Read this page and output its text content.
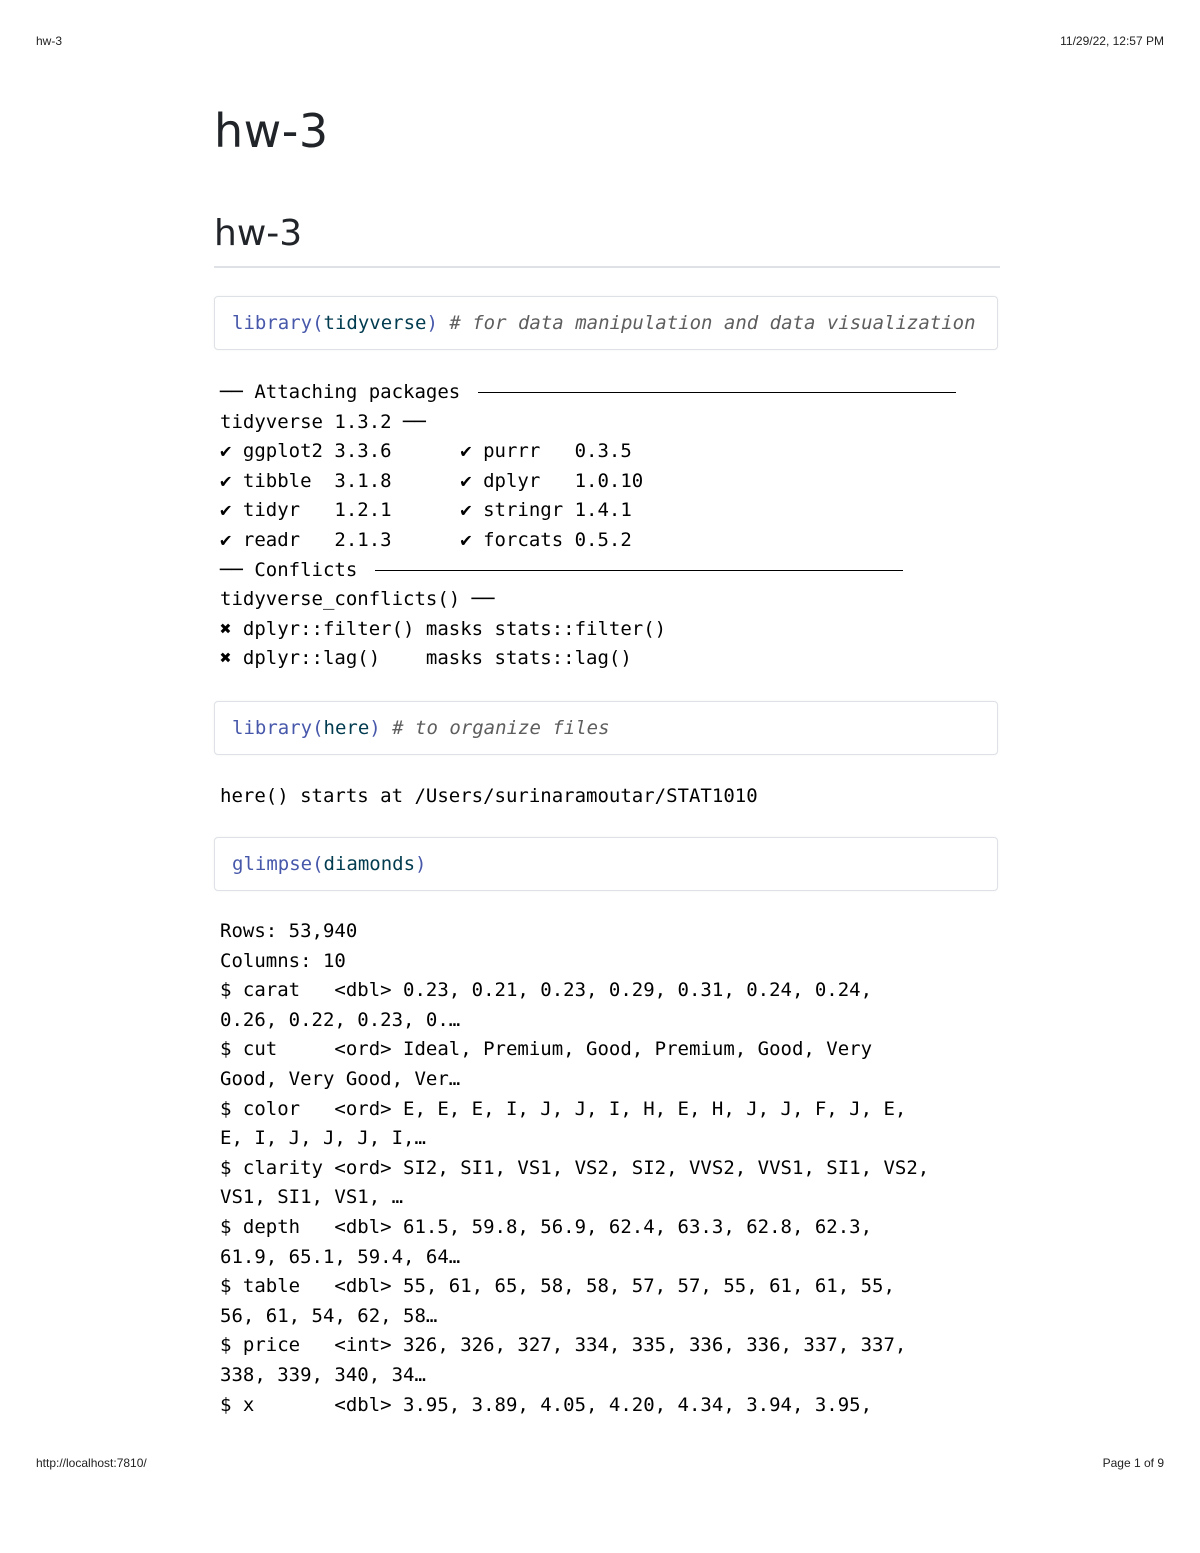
hw-3	11/29/22, 12:57 PM
hw-3
hw-3
library(tidyverse) # for data manipulation and data visualization
── Attaching packages
tidyverse 1.3.2 ──
✔ ggplot2 3.3.6      ✔ purrr   0.3.5
✔ tibble  3.1.8      ✔ dplyr   1.0.10
✔ tidyr   1.2.1      ✔ stringr 1.4.1
✔ readr   2.1.3      ✔ forcats 0.5.2
── Conflicts
tidyverse_conflicts() ──
✖ dplyr::filter() masks stats::filter()
✖ dplyr::lag()    masks stats::lag()
library(here) # to organize files
here() starts at /Users/surinaramoutar/STAT1010
glimpse(diamonds)
Rows: 53,940
Columns: 10
$ carat   <dbl> 0.23, 0.21, 0.23, 0.29, 0.31, 0.24, 0.24,
0.26, 0.22, 0.23, 0.…
$ cut     <ord> Ideal, Premium, Good, Premium, Good, Very
Good, Very Good, Ver…
$ color   <ord> E, E, E, I, J, J, I, H, E, H, J, J, F, J, E,
E, I, J, J, J, I,…
$ clarity <ord> SI2, SI1, VS1, VS2, SI2, VVS2, VVS1, SI1, VS2,
VS1, SI1, VS1, …
$ depth   <dbl> 61.5, 59.8, 56.9, 62.4, 63.3, 62.8, 62.3,
61.9, 65.1, 59.4, 64…
$ table   <dbl> 55, 61, 65, 58, 58, 57, 57, 55, 61, 61, 55,
56, 61, 54, 62, 58…
$ price   <int> 326, 326, 327, 334, 335, 336, 336, 337, 337,
338, 339, 340, 34…
$ x       <dbl> 3.95, 3.89, 4.05, 4.20, 4.34, 3.94, 3.95,
http://localhost:7810/	Page 1 of 9
